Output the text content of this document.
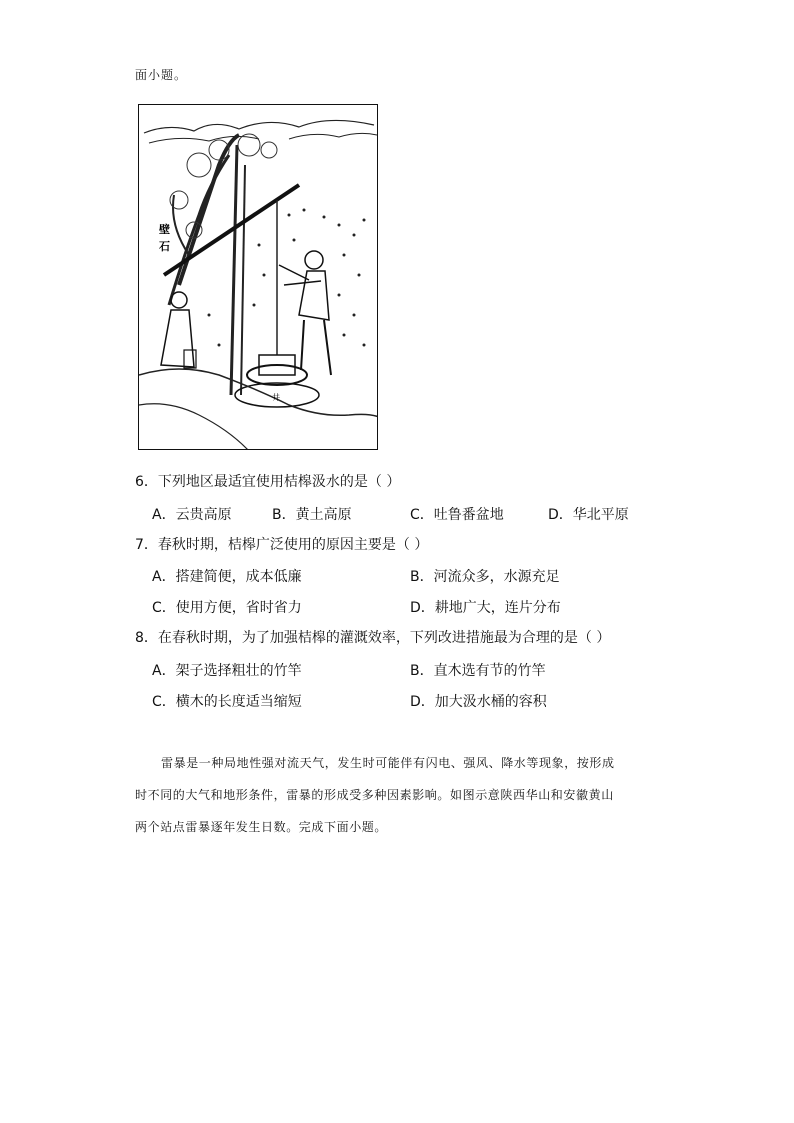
面小题。
壁
石
井
6．下列地区最适宜使用桔槔汲水的是（ ）
A．云贵高原	B．黄土高原	C．吐鲁番盆地	D．华北平原
7．春秋时期，桔槔广泛使用的原因主要是（ ）
A．搭建简便，成本低廉	B．河流众多，水源充足
C．使用方便，省时省力	D．耕地广大，连片分布
8．在春秋时期，为了加强桔槔的灌溉效率，下列改进措施最为合理的是（ ）
A．架子选择粗壮的竹竿	B．直木选有节的竹竿
C．横木的长度适当缩短	D．加大汲水桶的容积
雷暴是一种局地性强对流天气，发生时可能伴有闪电、强风、降水等现象，按形成
时不同的大气和地形条件，雷暴的形成受多种因素影响。如图示意陕西华山和安徽黄山
两个站点雷暴逐年发生日数。完成下面小题。
